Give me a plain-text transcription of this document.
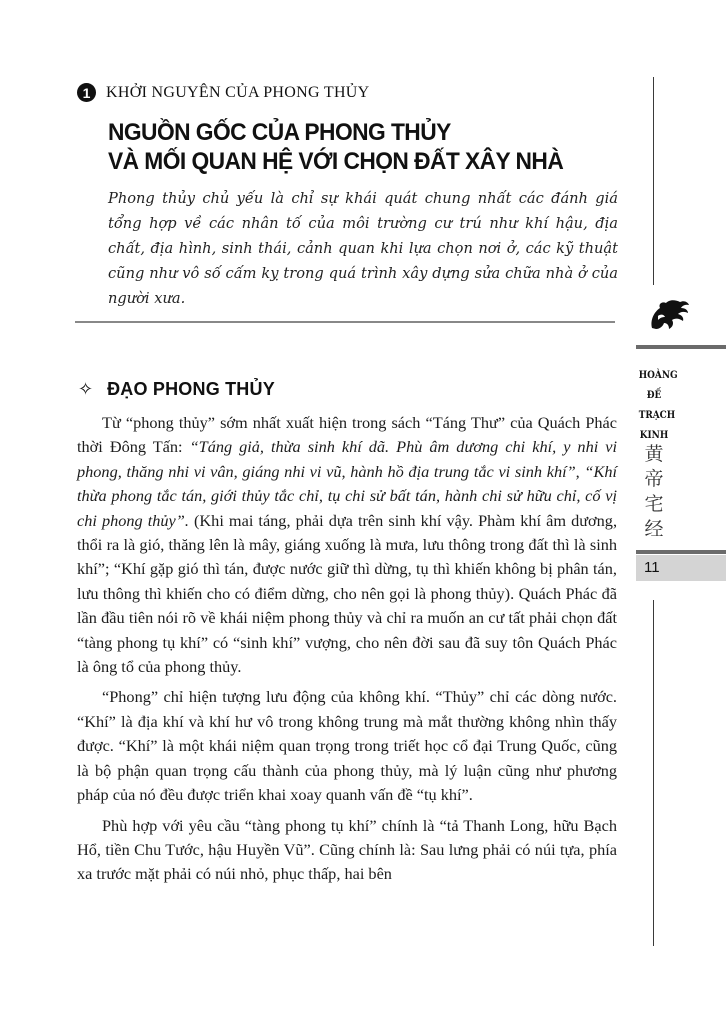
1 KHỞI NGUYÊN CỦA PHONG THỦY
NGUỒN GỐC CỦA PHONG THỦY
VÀ MỐI QUAN HỆ VỚI CHỌN ĐẤT XÂY NHÀ
Phong thủy chủ yếu là chỉ sự khái quát chung nhất các đánh giá tổng hợp về các nhân tố của môi trường cư trú như khí hậu, địa chất, địa hình, sinh thái, cảnh quan khi lựa chọn nơi ở, các kỹ thuật cũng như vô số cấm kỵ trong quá trình xây dựng sửa chữa nhà ở của người xưa.
✧ ĐẠO PHONG THỦY

Từ “phong thủy” sớm nhất xuất hiện trong sách “Táng Thư” của Quách Phác thời Đông Tấn: “Táng giả, thừa sinh khí dã. Phù âm dương chi khí, y nhi vi phong, thăng nhi vi vân, giáng nhi vi vũ, hành hồ địa trung tắc vi sinh khí”, “Khí thừa phong tắc tán, giới thủy tắc chỉ, tụ chi sử bất tán, hành chi sử hữu chỉ, cố vị chi phong thủy”. (Khi mai táng, phải dựa trên sinh khí vậy. Phàm khí âm dương, thổi ra là gió, thăng lên là mây, giáng xuống là mưa, lưu thông trong đất thì là sinh khí”; “Khí gặp gió thì tán, được nước giữ thì dừng, tụ thì khiến không bị phân tán, lưu thông thì khiến cho có điểm dừng, cho nên gọi là phong thủy). Quách Phác đã lần đầu tiên nói rõ về khái niệm phong thủy và chỉ ra muốn an cư tất phải chọn đất “tàng phong tụ khí” có “sinh khí” vượng, cho nên đời sau đã suy tôn Quách Phác là ông tổ của phong thủy.

“Phong” chỉ hiện tượng lưu động của không khí. “Thủy” chỉ các dòng nước. “Khí” là địa khí và khí hư vô trong không trung mà mắt thường không nhìn thấy được. “Khí” là một khái niệm quan trọng trong triết học cổ đại Trung Quốc, cũng là bộ phận quan trọng cấu thành của phong thủy, mà lý luận cũng như phương pháp của nó đều được triển khai xoay quanh vấn đề “tụ khí”.

Phù hợp với yêu cầu “tàng phong tụ khí” chính là “tả Thanh Long, hữu Bạch Hổ, tiền Chu Tước, hậu Huyền Vũ”. Cũng chính là: Sau lưng phải có núi tựa, phía xa trước mặt phải có núi nhỏ, phục thấp, hai bên

HOÀNG
ĐẾ
TRẠCH
KINH
黄
帝
宅
经
11
